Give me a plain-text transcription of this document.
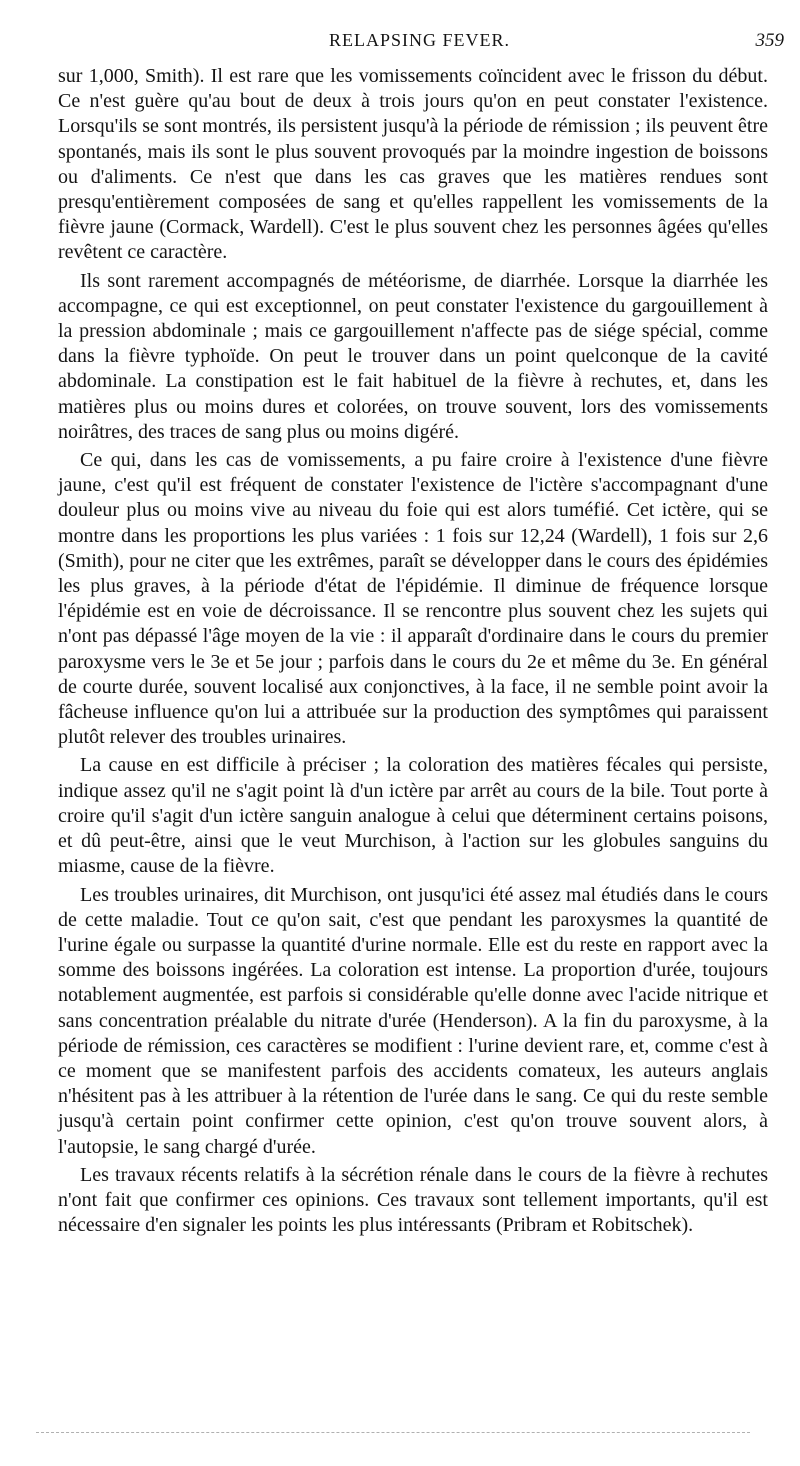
RELAPSING FEVER.	359

sur 1,000, Smith). Il est rare que les vomissements coïncident avec le frisson du début. Ce n'est guère qu'au bout de deux à trois jours qu'on en peut constater l'existence. Lorsqu'ils se sont montrés, ils persistent jusqu'à la période de rémission ; ils peuvent être spontanés, mais ils sont le plus souvent provoqués par la moindre ingestion de boissons ou d'aliments. Ce n'est que dans les cas graves que les matières rendues sont presqu'entièrement composées de sang et qu'elles rappellent les vomissements de la fièvre jaune (Cormack, Wardell). C'est le plus souvent chez les personnes âgées qu'elles revêtent ce caractère.

Ils sont rarement accompagnés de météorisme, de diarrhée. Lorsque la diarrhée les accompagne, ce qui est exceptionnel, on peut constater l'existence du gargouillement à la pression abdominale ; mais ce gargouillement n'affecte pas de siége spécial, comme dans la fièvre typhoïde. On peut le trouver dans un point quelconque de la cavité abdominale. La constipation est le fait habituel de la fièvre à rechutes, et, dans les matières plus ou moins dures et colorées, on trouve souvent, lors des vomissements noirâtres, des traces de sang plus ou moins digéré.

Ce qui, dans les cas de vomissements, a pu faire croire à l'existence d'une fièvre jaune, c'est qu'il est fréquent de constater l'existence de l'ictère s'accompagnant d'une douleur plus ou moins vive au niveau du foie qui est alors tuméfié. Cet ictère, qui se montre dans les proportions les plus variées : 1 fois sur 12,24 (Wardell), 1 fois sur 2,6 (Smith), pour ne citer que les extrêmes, paraît se développer dans le cours des épidémies les plus graves, à la période d'état de l'épidémie. Il diminue de fréquence lorsque l'épidémie est en voie de décroissance. Il se rencontre plus souvent chez les sujets qui n'ont pas dépassé l'âge moyen de la vie : il apparaît d'ordinaire dans le cours du premier paroxysme vers le 3e et 5e jour ; parfois dans le cours du 2e et même du 3e. En général de courte durée, souvent localisé aux conjonctives, à la face, il ne semble point avoir la fâcheuse influence qu'on lui a attribuée sur la production des symptômes qui paraissent plutôt relever des troubles urinaires.

La cause en est difficile à préciser ; la coloration des matières fécales qui persiste, indique assez qu'il ne s'agit point là d'un ictère par arrêt au cours de la bile. Tout porte à croire qu'il s'agit d'un ictère sanguin analogue à celui que déterminent certains poisons, et dû peut-être, ainsi que le veut Murchison, à l'action sur les globules sanguins du miasme, cause de la fièvre.

Les troubles urinaires, dit Murchison, ont jusqu'ici été assez mal étudiés dans le cours de cette maladie. Tout ce qu'on sait, c'est que pendant les paroxysmes la quantité de l'urine égale ou surpasse la quantité d'urine normale. Elle est du reste en rapport avec la somme des boissons ingérées. La coloration est intense. La proportion d'urée, toujours notablement augmentée, est parfois si considérable qu'elle donne avec l'acide nitrique et sans concentration préalable du nitrate d'urée (Henderson). A la fin du paroxysme, à la période de rémission, ces caractères se modifient : l'urine devient rare, et, comme c'est à ce moment que se manifestent parfois des accidents comateux, les auteurs anglais n'hésitent pas à les attribuer à la rétention de l'urée dans le sang. Ce qui du reste semble jusqu'à certain point confirmer cette opinion, c'est qu'on trouve souvent alors, à l'autopsie, le sang chargé d'urée.

Les travaux récents relatifs à la sécrétion rénale dans le cours de la fièvre à rechutes n'ont fait que confirmer ces opinions. Ces travaux sont tellement importants, qu'il est nécessaire d'en signaler les points les plus intéressants (Pribram et Robitschek).
